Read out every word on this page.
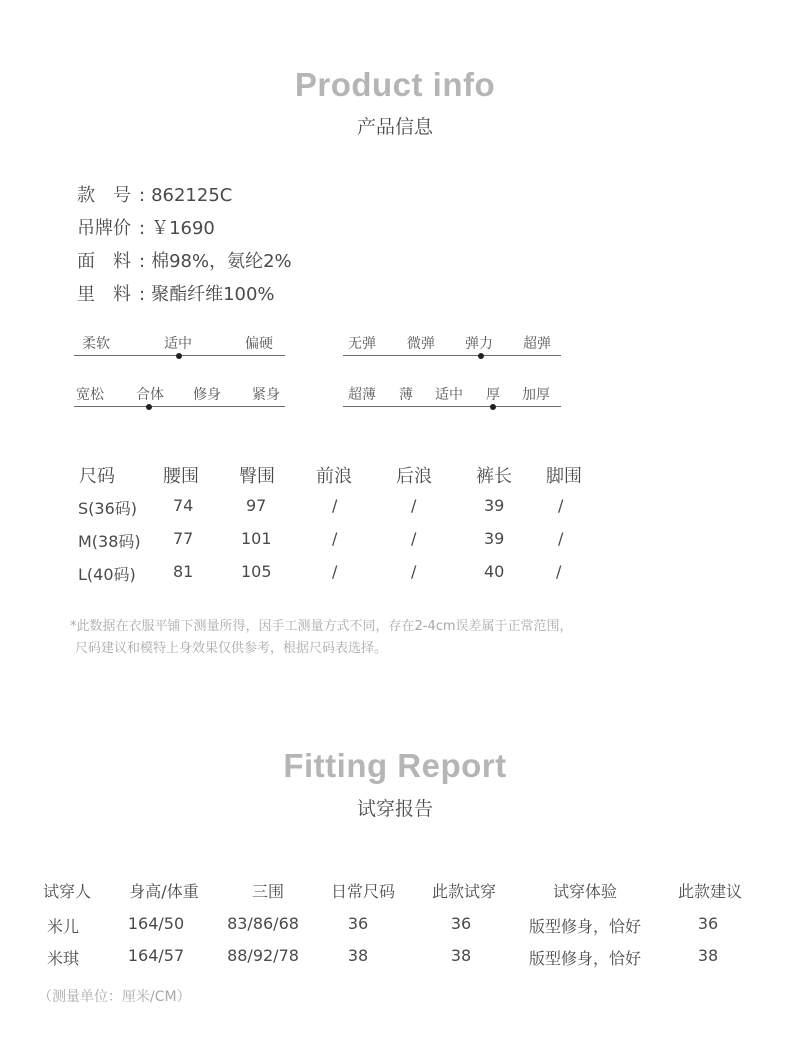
Product info
产品信息
款　号 : 862125C
吊牌价 : ￥1690
面　料 : 棉98%，氨纶2%
里　料 : 聚酯纤维100%
柔软	适中	偏硬	无弹 微弹 弹力 超弹
宽松 合体 修身 紧身	超薄 薄 适中 厚 加厚
尺码	腰围 臀围 前浪 后浪 裤长 脚围
S(36码) 74	97	/	/	39	/
M(38码) 77	101	/	/	39	/
L(40码) 81	105	/	/	40	/
*此数据在衣服平铺下测量所得，因手工测量方式不同，存在2-4cm误差属于正常范围，
尺码建议和模特上身效果仅供参考，根据尺码表选择。
Fitting Report
试穿报告
试穿人	身高/体重	三围	日常尺码	此款试穿	试穿体验	此款建议
米儿	164/50	83/86/68	36	36	版型修身，恰好	36
米琪	164/57	88/92/78	38	38	版型修身，恰好	38
（测量单位：厘米/CM）
